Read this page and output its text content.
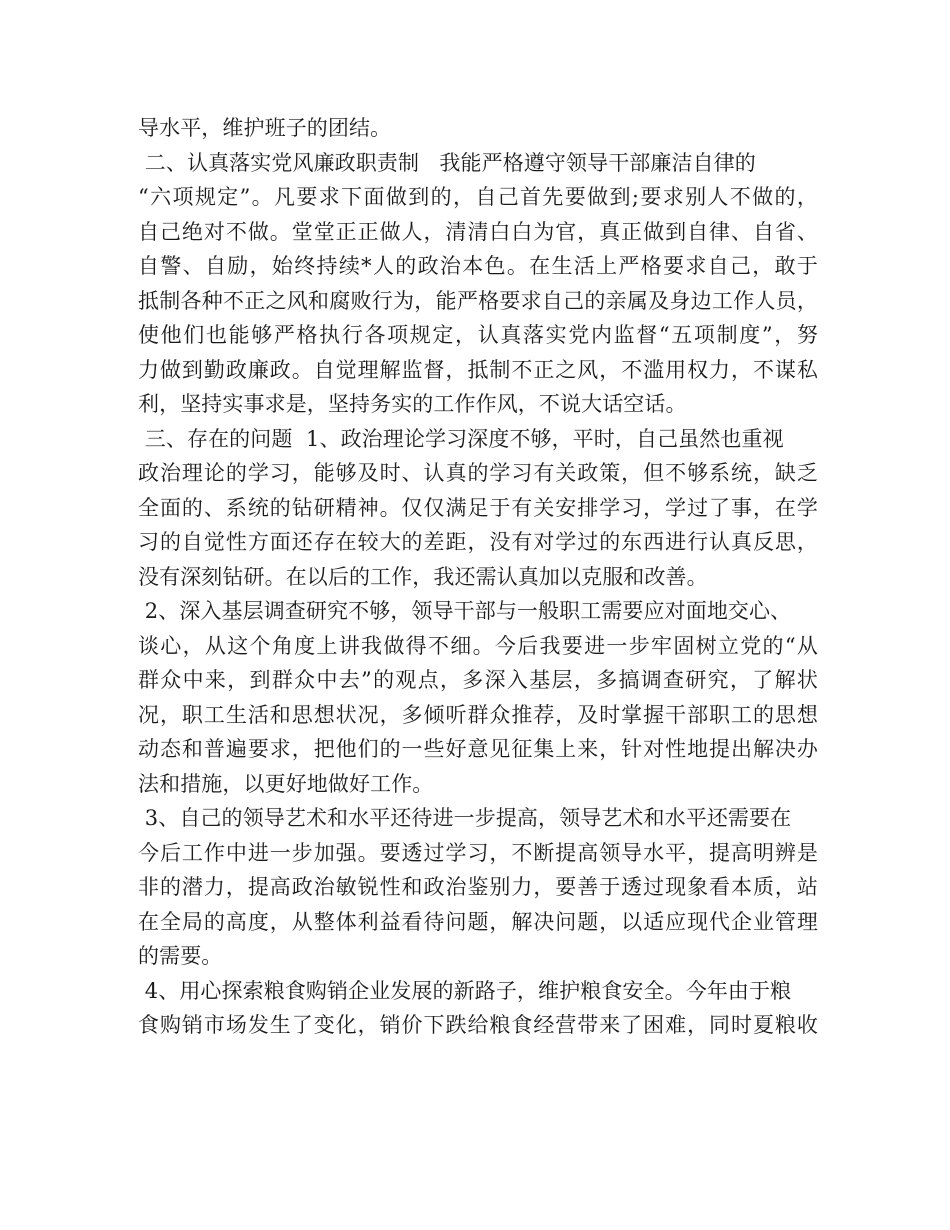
导水平，维护班子的团结。
二、认真落实党风廉政职责制   我能严格遵守领导干部廉洁自律的
“六项规定”。凡要求下面做到的，自己首先要做到;要求别人不做的，
自己绝对不做。堂堂正正做人，清清白白为官，真正做到自律、自省、
自警、自励，始终持续*人的政治本色。在生活上严格要求自己，敢于
抵制各种不正之风和腐败行为，能严格要求自己的亲属及身边工作人员，
使他们也能够严格执行各项规定，认真落实党内监督“五项制度”，努
力做到勤政廉政。自觉理解监督，抵制不正之风，不滥用权力，不谋私
利，坚持实事求是，坚持务实的工作作风，不说大话空话。
三、存在的问题  1、政治理论学习深度不够，平时，自己虽然也重视
政治理论的学习，能够及时、认真的学习有关政策，但不够系统，缺乏
全面的、系统的钻研精神。仅仅满足于有关安排学习，学过了事，在学
习的自觉性方面还存在较大的差距，没有对学过的东西进行认真反思，
没有深刻钻研。在以后的工作，我还需认真加以克服和改善。
2、深入基层调查研究不够，领导干部与一般职工需要应对面地交心、
谈心，从这个角度上讲我做得不细。今后我要进一步牢固树立党的“从
群众中来，到群众中去”的观点，多深入基层，多搞调查研究，了解状
况，职工生活和思想状况，多倾听群众推荐，及时掌握干部职工的思想
动态和普遍要求，把他们的一些好意见征集上来，针对性地提出解决办
法和措施，以更好地做好工作。
3、自己的领导艺术和水平还待进一步提高，领导艺术和水平还需要在
今后工作中进一步加强。要透过学习，不断提高领导水平，提高明辨是
非的潜力，提高政治敏锐性和政治鉴别力，要善于透过现象看本质，站
在全局的高度，从整体利益看待问题，解决问题，以适应现代企业管理
的需要。
4、用心探索粮食购销企业发展的新路子，维护粮食安全。今年由于粮
食购销市场发生了变化，销价下跌给粮食经营带来了困难，同时夏粮收
